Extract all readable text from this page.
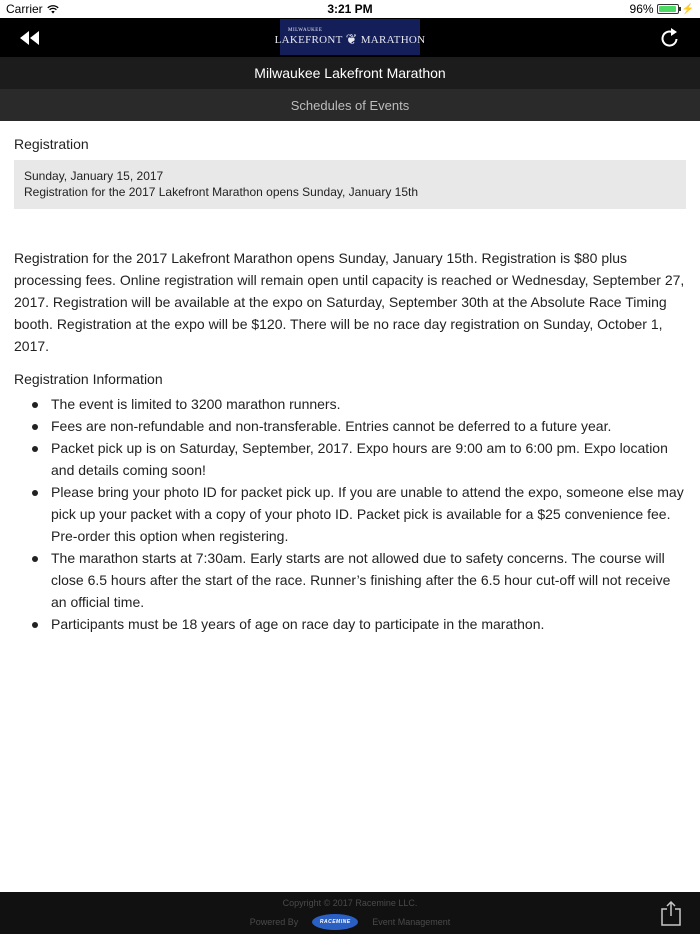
Carrier	3:21 PM	96%	⚡
MILWAUKEE
LAKEFRONT ❦ MARATHON
Milwaukee Lakefront Marathon
Schedules of Events
Registration
Sunday, January 15, 2017
Registration for the 2017 Lakefront Marathon opens Sunday, January 15th

Registration for the 2017 Lakefront Marathon opens Sunday, January 15th. Registration is $80 plus processing fees. Online registration will remain open until capacity is reached or Wednesday, September 27, 2017. Registration will be available at the expo on Saturday, September 30th at the Absolute Race Timing booth. Registration at the expo will be $120. There will be no race day registration on Sunday, October 1, 2017.

Registration Information
The event is limited to 3200 marathon runners.
Fees are non-refundable and non-transferable. Entries cannot be deferred to a future year.
Packet pick up is on Saturday, September, 2017. Expo hours are 9:00 am to 6:00 pm. Expo location and details coming soon!
Please bring your photo ID for packet pick up. If you are unable to attend the expo, someone else may pick up your packet with a copy of your photo ID. Packet pick is available for a $25 convenience fee. Pre-order this option when registering.
The marathon starts at 7:30am. Early starts are not allowed due to safety concerns. The course will close 6.5 hours after the start of the race. Runner’s finishing after the 6.5 hour cut-off will not receive an official time.
Participants must be 18 years of age on race day to participate in the marathon.
Copyright © 2017 Racemine LLC.
Powered By	RACEMINE	Event Management
